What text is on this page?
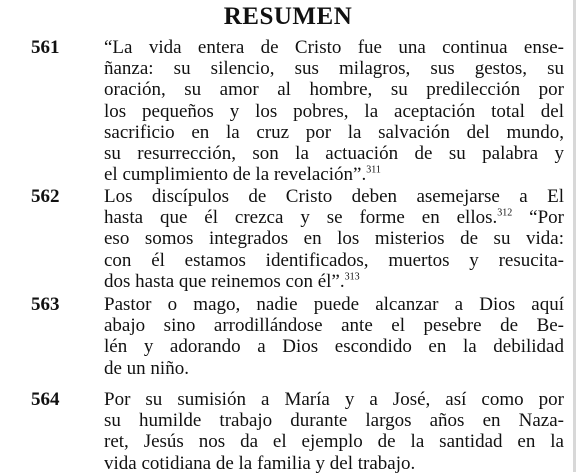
RESUMEN
561 “La vida entera de Cristo fue una continua ense-
ñanza: su silencio, sus milagros, sus gestos, su
oración, su amor al hombre, su predilección por
los pequeños y los pobres, la aceptación total del
sacrificio en la cruz por la salvación del mundo,
su resurrección, son la actuación de su palabra y
el cumplimiento de la revelación”.$^{311}$
562 Los discípulos de Cristo deben asemejarse a El
hasta que él crezca y se forme en ellos.$^{312}$ “Por
eso somos integrados en los misterios de su vida:
con él estamos identificados, muertos y resucita-
dos hasta que reinemos con él”.$^{313}$
563 Pastor o mago, nadie puede alcanzar a Dios aquí
abajo sino arrodillándose ante el pesebre de Be-
lén y adorando a Dios escondido en la debilidad
de un niño.
564 Por su sumisión a María y a José, así como por
su humilde trabajo durante largos años en Naza-
ret, Jesús nos da el ejemplo de la santidad en la
vida cotidiana de la familia y del trabajo.
